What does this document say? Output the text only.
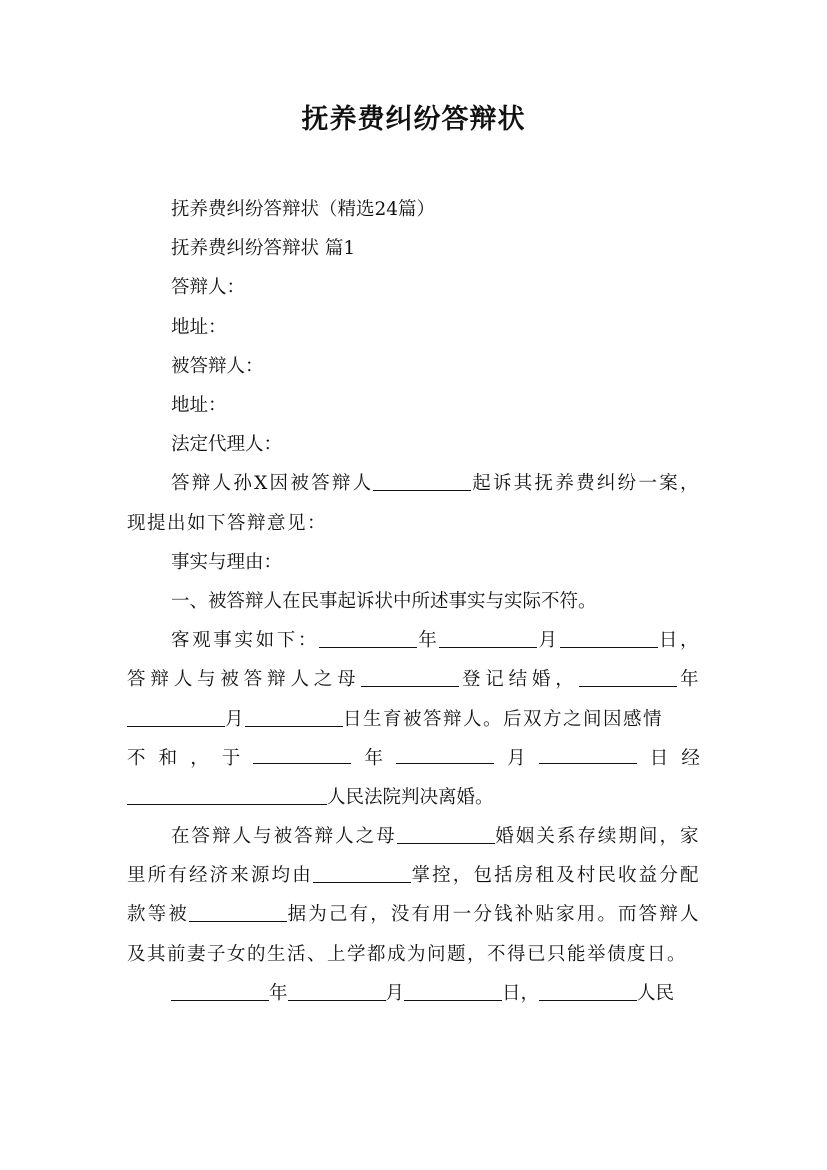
抚养费纠纷答辩状

抚养费纠纷答辩状（精选24篇）

抚养费纠纷答辩状 篇1

答辩人：

地址：

被答辩人：

地址：

法定代理人：

答辩人孙X因被答辩人	起诉其抚养费纠纷一案，现提出如下答辩意见：

事实与理由：

一、被答辩人在民事起诉状中所述事实与实际不符。

客观事实如下：	年	月	日，答辩人与被答辩人之母	登记结婚，	年月	日生育被答辩人。后双方之间因感情

不 和 ， 于	年	月	日 经

人民法院判决离婚。

在答辩人与被答辩人之母	婚姻关系存续期间，家里所有经济来源均由	掌控，包括房租及村民收益分配款等被	据为己有，没有用一分钱补贴家用。而答辩人及其前妻子女的生活、上学都成为问题，不得已只能举债度日。

年	月	日，	人民
